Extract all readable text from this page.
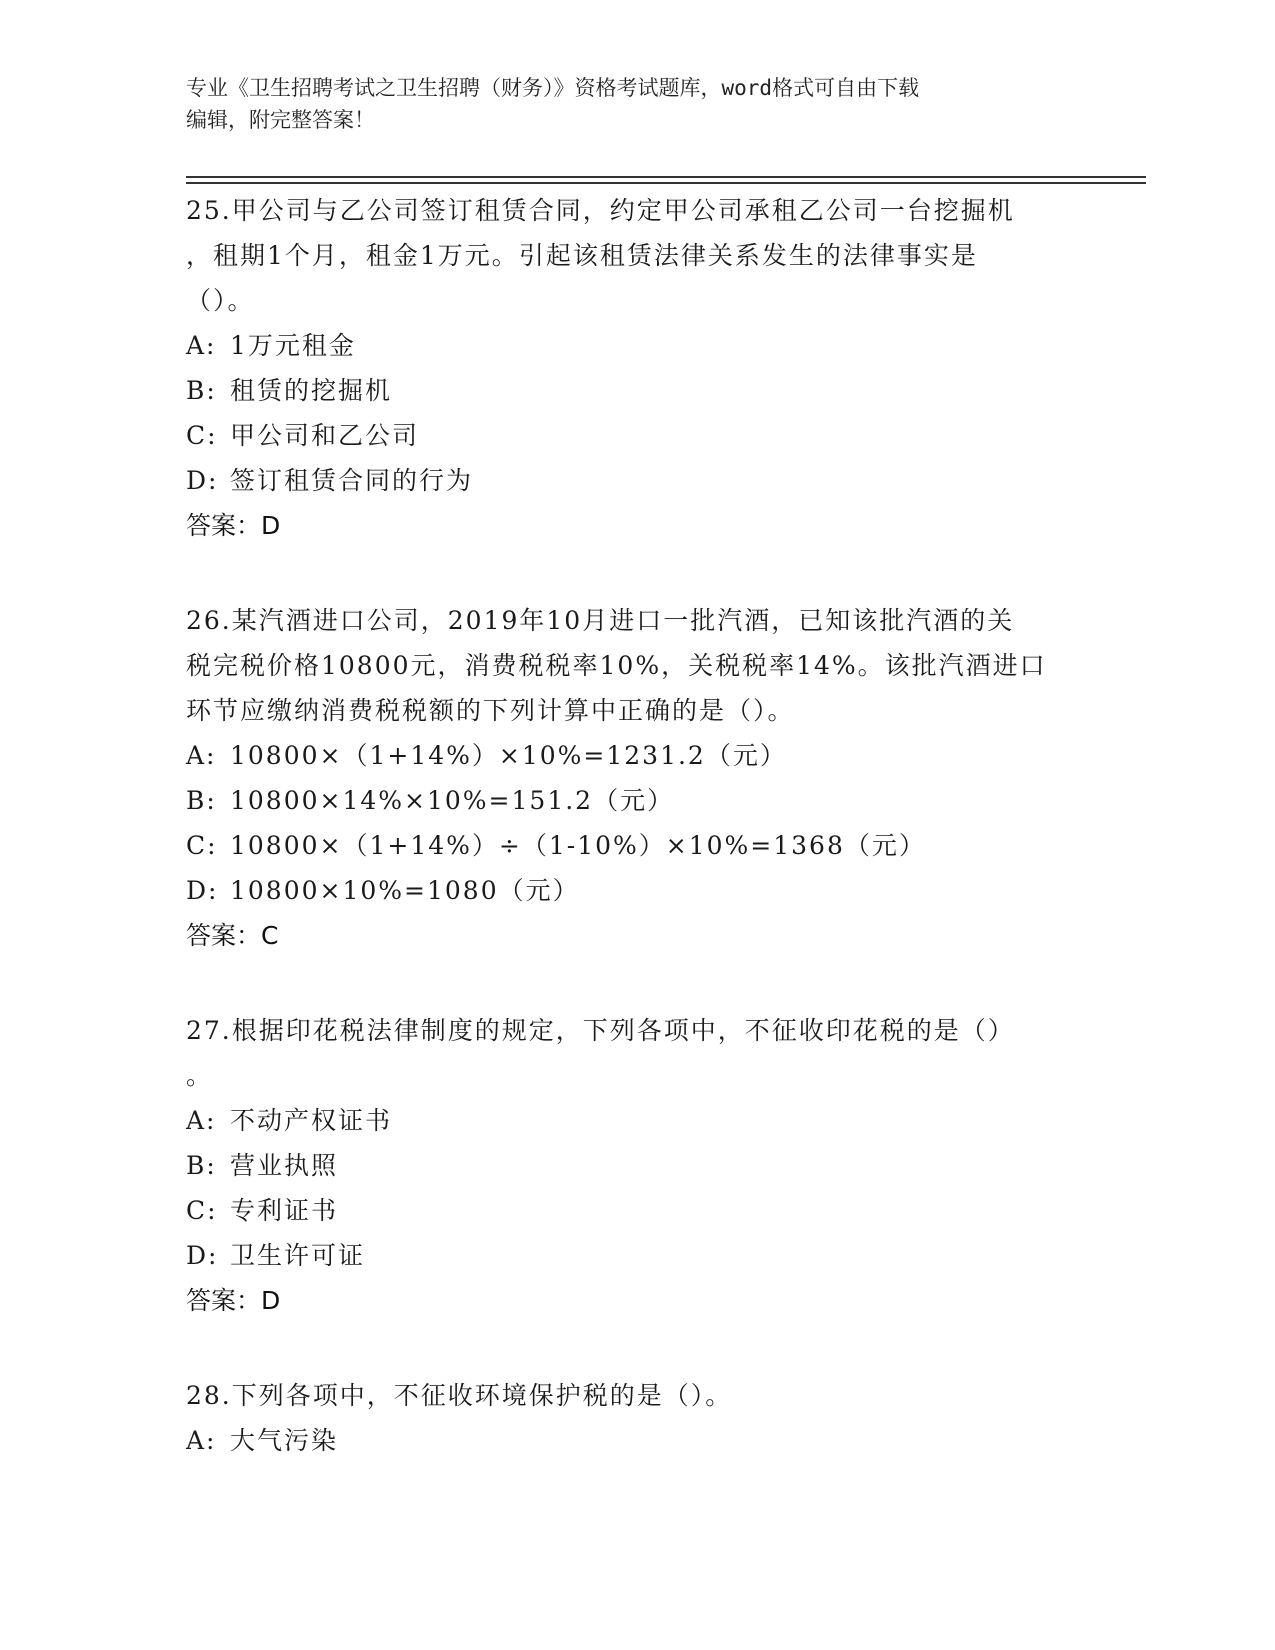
专业《卫生招聘考试之卫生招聘（财务）》资格考试题库，word格式可自由下载
编辑，附完整答案！
25.甲公司与乙公司签订租赁合同，约定甲公司承租乙公司一台挖掘机
，租期1个月，租金1万元。引起该租赁法律关系发生的法律事实是
（）。
A: 1万元租金
B: 租赁的挖掘机
C: 甲公司和乙公司
D: 签订租赁合同的行为
答案：D
26.某汽酒进口公司，2019年10月进口一批汽酒，已知该批汽酒的关
税完税价格10800元，消费税税率10%，关税税率14%。该批汽酒进口
环节应缴纳消费税税额的下列计算中正确的是（）。
A: 10800×（1+14%）×10%=1231.2（元）
B: 10800×14%×10%=151.2（元）
C: 10800×（1+14%）÷（1-10%）×10%=1368（元）
D: 10800×10%=1080（元）
答案：C
27.根据印花税法律制度的规定，下列各项中，不征收印花税的是（）
。
A: 不动产权证书
B: 营业执照
C: 专利证书
D: 卫生许可证
答案：D
28.下列各项中，不征收环境保护税的是（）。
A: 大气污染
